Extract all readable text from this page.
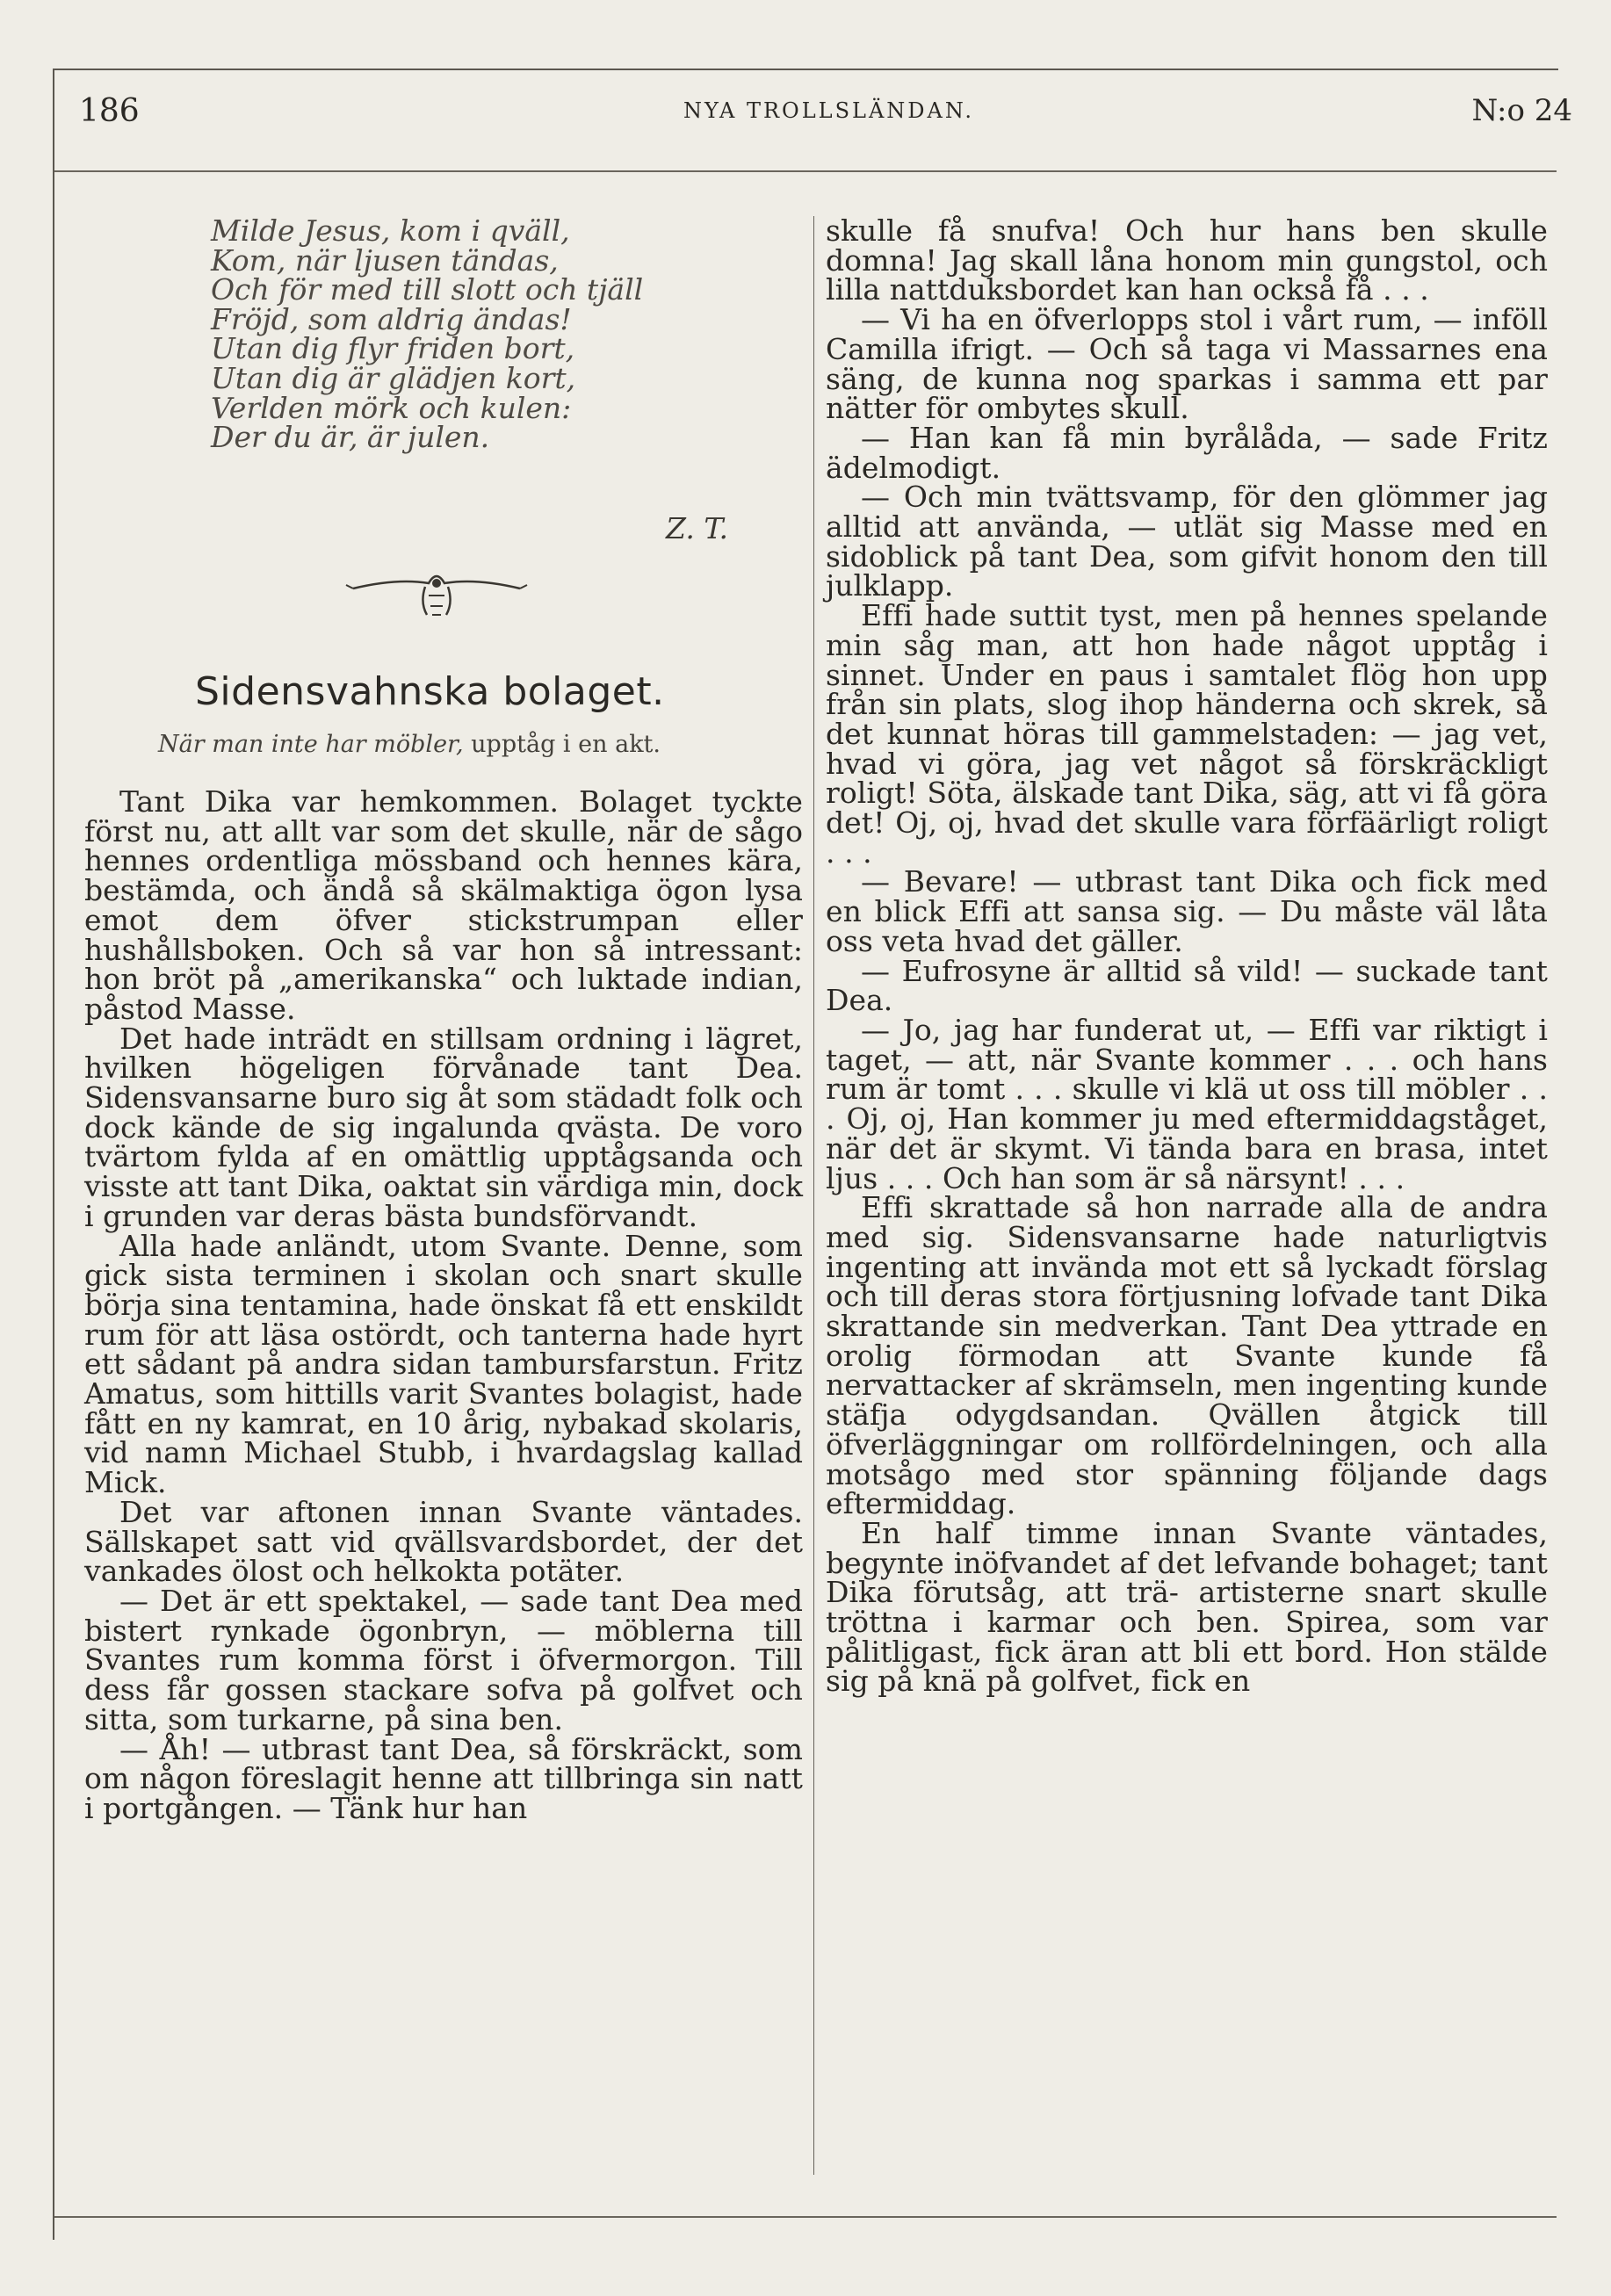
186	NYA TROLLSLÄNDAN.	N:o 24
Milde Jesus, kom i qväll,
Kom, när ljusen tändas,
Och för med till slott och tjäll
Fröjd, som aldrig ändas!
Utan dig flyr friden bort,
Utan dig är glädjen kort,
Verlden mörk och kulen:
Der du är, är julen.
Z. T.
Sidensvahnska bolaget.
När man inte har möbler, upptåg i en akt.

Tant Dika var hemkommen. Bolaget tyckte först nu, att allt var som det skulle, när de sågo hennes ordentliga mössband och hennes kära, bestämda, och ändå så skälmaktiga ögon lysa emot dem öfver stickstrumpan eller hushållsboken. Och så var hon så intressant: hon bröt på „amerikanska“ och luktade indian, påstod Masse.

Det hade inträdt en stillsam ordning i lägret, hvilken högeligen förvånade tant Dea. Sidensvansarne buro sig åt som städadt folk och dock kände de sig ingalunda qvästa. De voro tvärtom fylda af en omättlig upptågsanda och visste att tant Dika, oaktat sin värdiga min, dock i grunden var deras bästa bundsförvandt.

Alla hade anländt, utom Svante. Denne, som gick sista terminen i skolan och snart skulle börja sina tentamina, hade önskat få ett enskildt rum för att läsa ostördt, och tanterna hade hyrt ett sådant på andra sidan tambursfarstun. Fritz Amatus, som hittills varit Svantes bolagist, hade fått en ny kamrat, en 10 årig, nybakad skolaris, vid namn Michael Stubb, i hvardagslag kallad Mick.

Det var aftonen innan Svante väntades. Sällskapet satt vid qvällsvardsbordet, der det vankades ölost och helkokta potäter.

— Det är ett spektakel, — sade tant Dea med bistert rynkade ögonbryn, — möblerna till Svantes rum komma först i öfvermorgon. Till dess får gossen stackare sofva på golfvet och sitta, som turkarne, på sina ben.

— Åh! — utbrast tant Dea, så förskräckt, som om någon föreslagit henne att tillbringa sin natt i portgången. — Tänk hur han

skulle få snufva! Och hur hans ben skulle domna! Jag skall låna honom min gungstol, och lilla nattduksbordet kan han också få . . .

— Vi ha en öfverlopps stol i vårt rum, — inföll Camilla ifrigt. — Och så taga vi Massarnes ena säng, de kunna nog sparkas i samma ett par nätter för ombytes skull.

— Han kan få min byrålåda, — sade Fritz ädelmodigt.

— Och min tvättsvamp, för den glömmer jag alltid att använda, — utlät sig Masse med en sidoblick på tant Dea, som gifvit honom den till julklapp.

Effi hade suttit tyst, men på hennes spelande min såg man, att hon hade något upptåg i sinnet. Under en paus i samtalet flög hon upp från sin plats, slog ihop händerna och skrek, så det kunnat höras till gammelstaden: — jag vet, hvad vi göra, jag vet något så förskräckligt roligt! Söta, älskade tant Dika, säg, att vi få göra det! Oj, oj, hvad det skulle vara förfäärligt roligt . . .

— Bevare! — utbrast tant Dika och fick med en blick Effi att sansa sig. — Du måste väl låta oss veta hvad det gäller.

— Eufrosyne är alltid så vild! — suckade tant Dea.

— Jo, jag har funderat ut, — Effi var riktigt i taget, — att, när Svante kommer . . . och hans rum är tomt . . . skulle vi klä ut oss till möbler . . . Oj, oj, Han kommer ju med eftermiddagståget, när det är skymt. Vi tända bara en brasa, intet ljus . . . Och han som är så närsynt! . . .

Effi skrattade så hon narrade alla de andra med sig. Sidensvansarne hade naturligtvis ingenting att invända mot ett så lyckadt förslag och till deras stora förtjusning lofvade tant Dika skrattande sin medverkan. Tant Dea yttrade en orolig förmodan att Svante kunde få nervattacker af skrämseln, men ingenting kunde stäfja odygdsandan. Qvällen åtgick till öfverläggningar om rollfördelningen, och alla motsågo med stor spänning följande dags eftermiddag.

En half timme innan Svante väntades, begynte inöfvandet af det lefvande bohaget; tant Dika förutsåg, att trä- artisterne snart skulle tröttna i karmar och ben. Spirea, som var pålitligast, fick äran att bli ett bord. Hon stälde sig på knä på golfvet, fick en
